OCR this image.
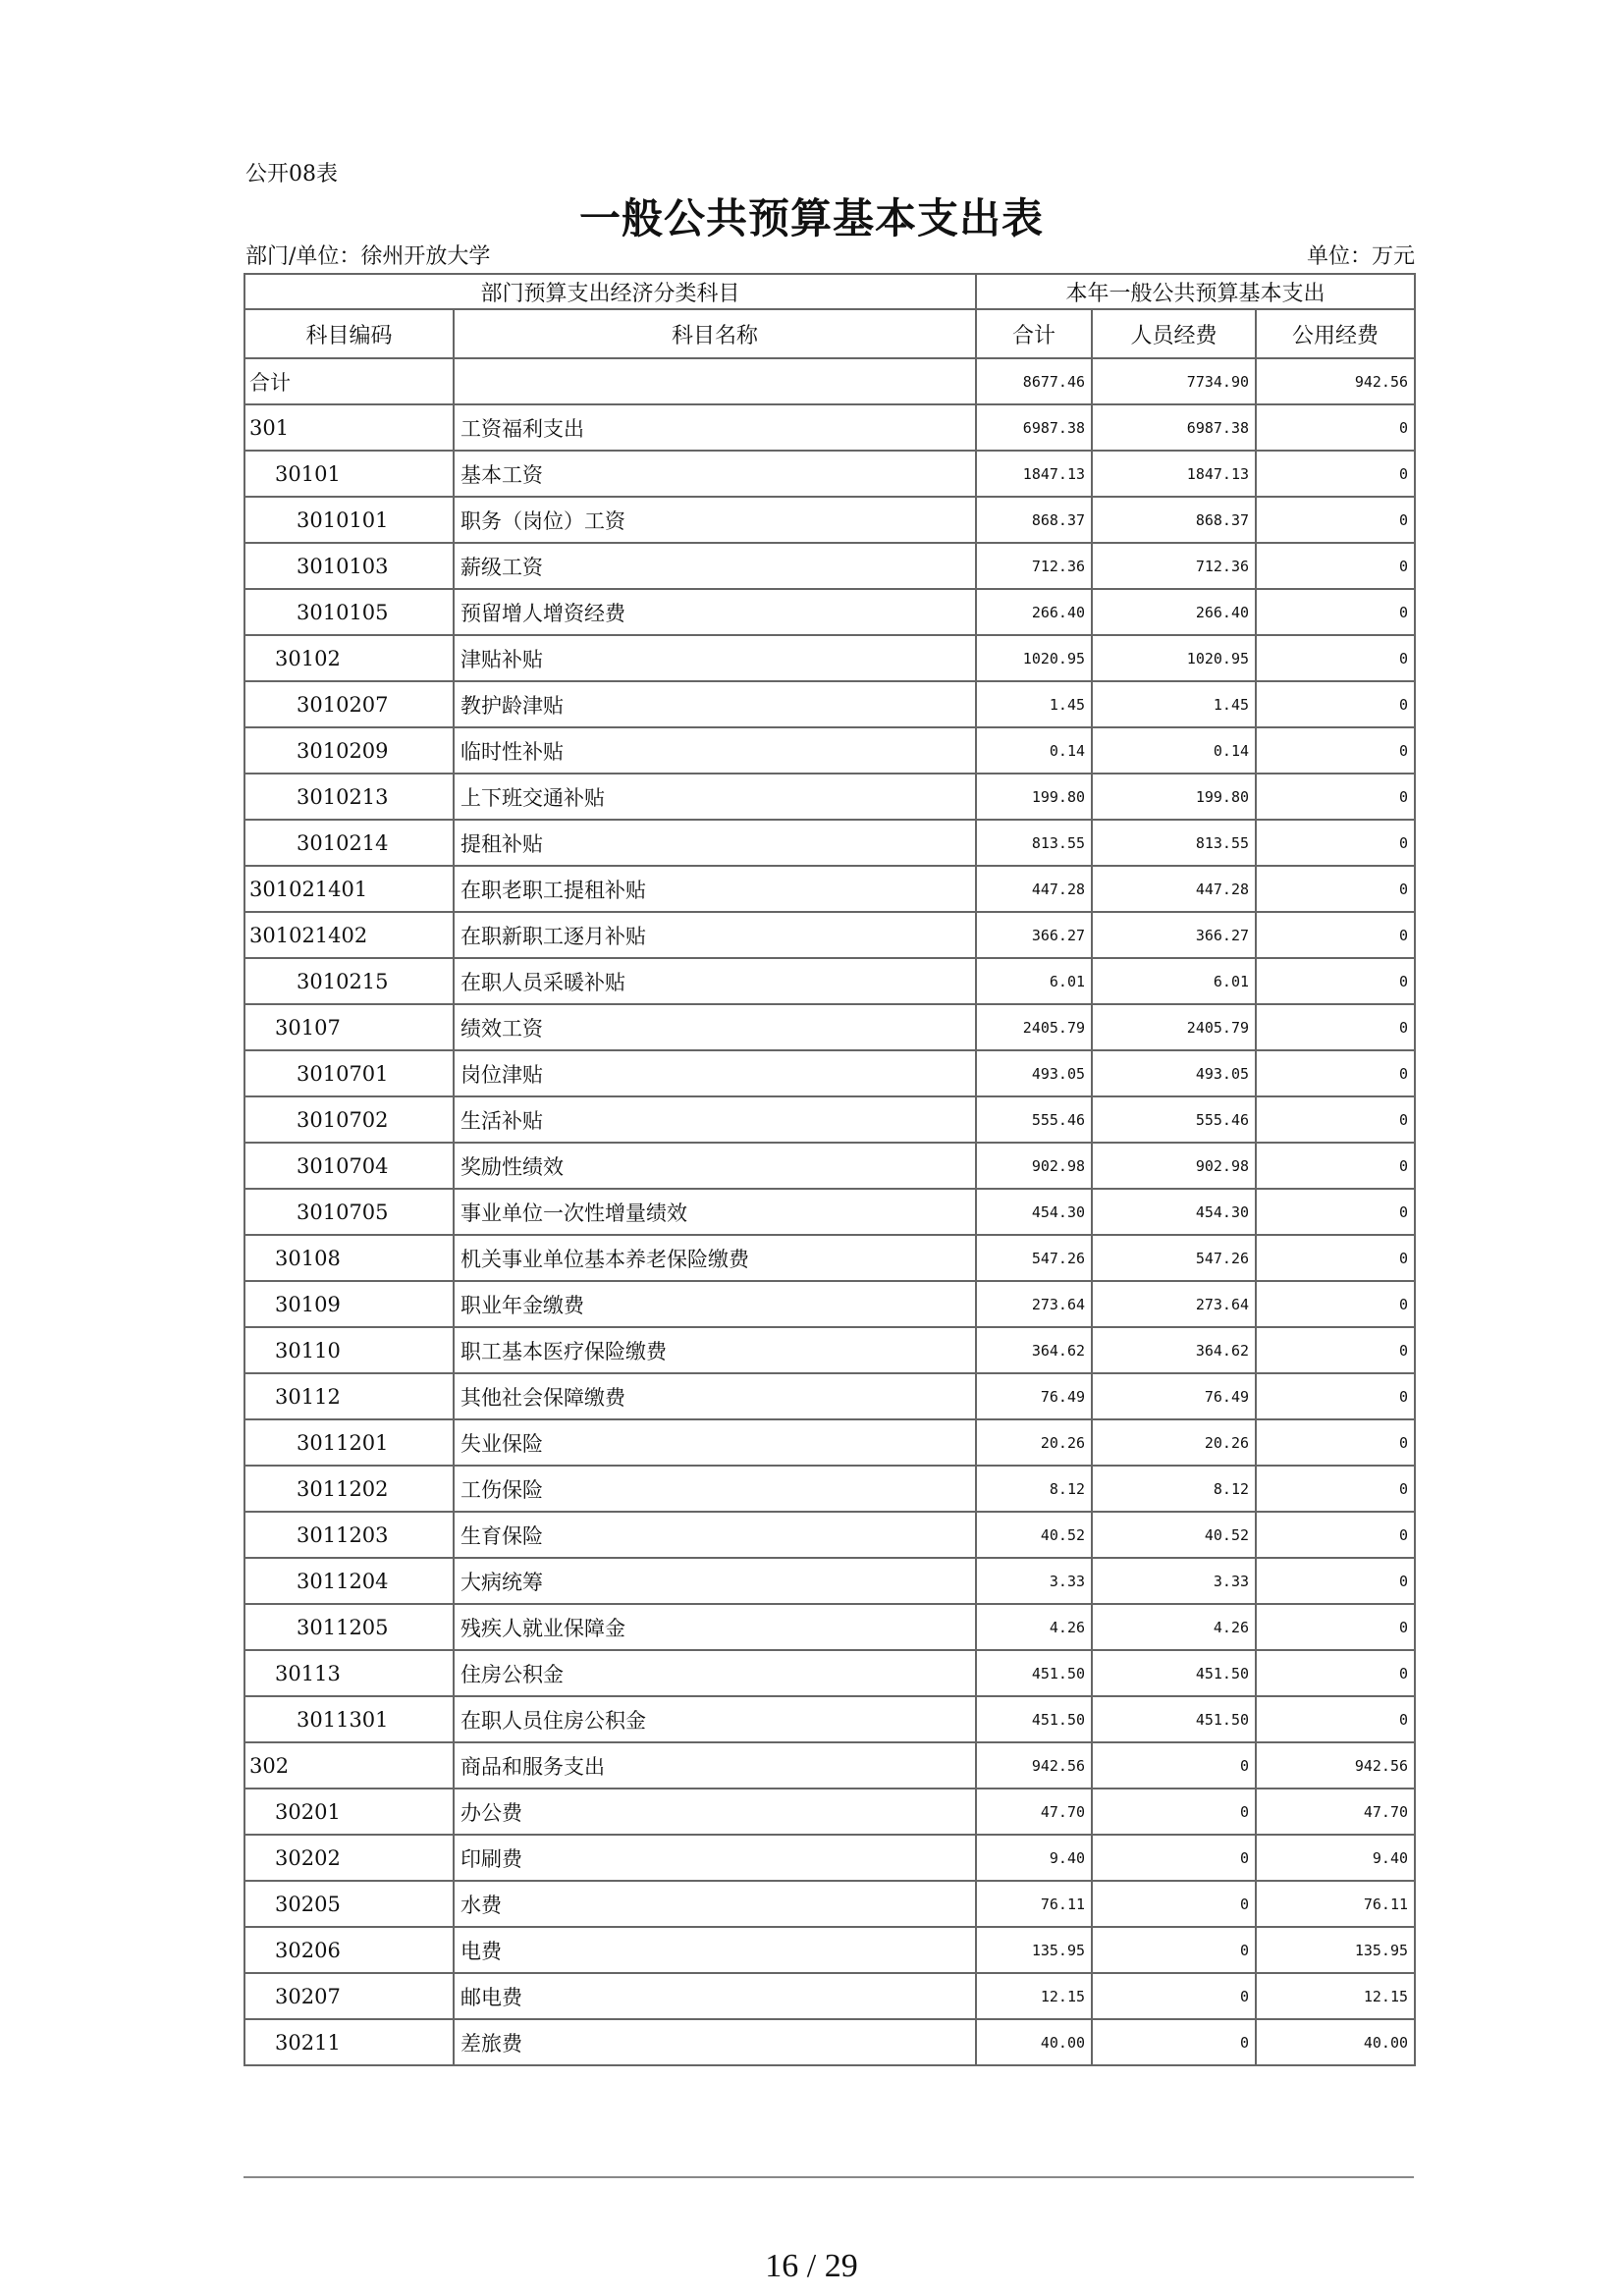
公开08表
一般公共预算基本支出表
部门/单位：徐州开放大学	单位：万元
部门预算支出经济分类科目		本年一般公共预算基本支出		
科目编码	科目名称	合计	人员经费	公用经费
合计		8677.46	7734.90	942.56
301	工资福利支出	6987.38	6987.38	0
30101	基本工资	1847.13	1847.13	0
3010101	职务（岗位）工资	868.37	868.37	0
3010103	薪级工资	712.36	712.36	0
3010105	预留增人增资经费	266.40	266.40	0
30102	津贴补贴	1020.95	1020.95	0
3010207	教护龄津贴	1.45	1.45	0
3010209	临时性补贴	0.14	0.14	0
3010213	上下班交通补贴	199.80	199.80	0
3010214	提租补贴	813.55	813.55	0
301021401	在职老职工提租补贴	447.28	447.28	0
301021402	在职新职工逐月补贴	366.27	366.27	0
3010215	在职人员采暖补贴	6.01	6.01	0
30107	绩效工资	2405.79	2405.79	0
3010701	岗位津贴	493.05	493.05	0
3010702	生活补贴	555.46	555.46	0
3010704	奖励性绩效	902.98	902.98	0
3010705	事业单位一次性增量绩效	454.30	454.30	0
30108	机关事业单位基本养老保险缴费	547.26	547.26	0
30109	职业年金缴费	273.64	273.64	0
30110	职工基本医疗保险缴费	364.62	364.62	0
30112	其他社会保障缴费	76.49	76.49	0
3011201	失业保险	20.26	20.26	0
3011202	工伤保险	8.12	8.12	0
3011203	生育保险	40.52	40.52	0
3011204	大病统筹	3.33	3.33	0
3011205	残疾人就业保障金	4.26	4.26	0
30113	住房公积金	451.50	451.50	0
3011301	在职人员住房公积金	451.50	451.50	0
302	商品和服务支出	942.56	0	942.56
30201	办公费	47.70	0	47.70
30202	印刷费	9.40	0	9.40
30205	水费	76.11	0	76.11
30206	电费	135.95	0	135.95
30207	邮电费	12.15	0	12.15
30211	差旅费	40.00	0	40.00
16 / 29
